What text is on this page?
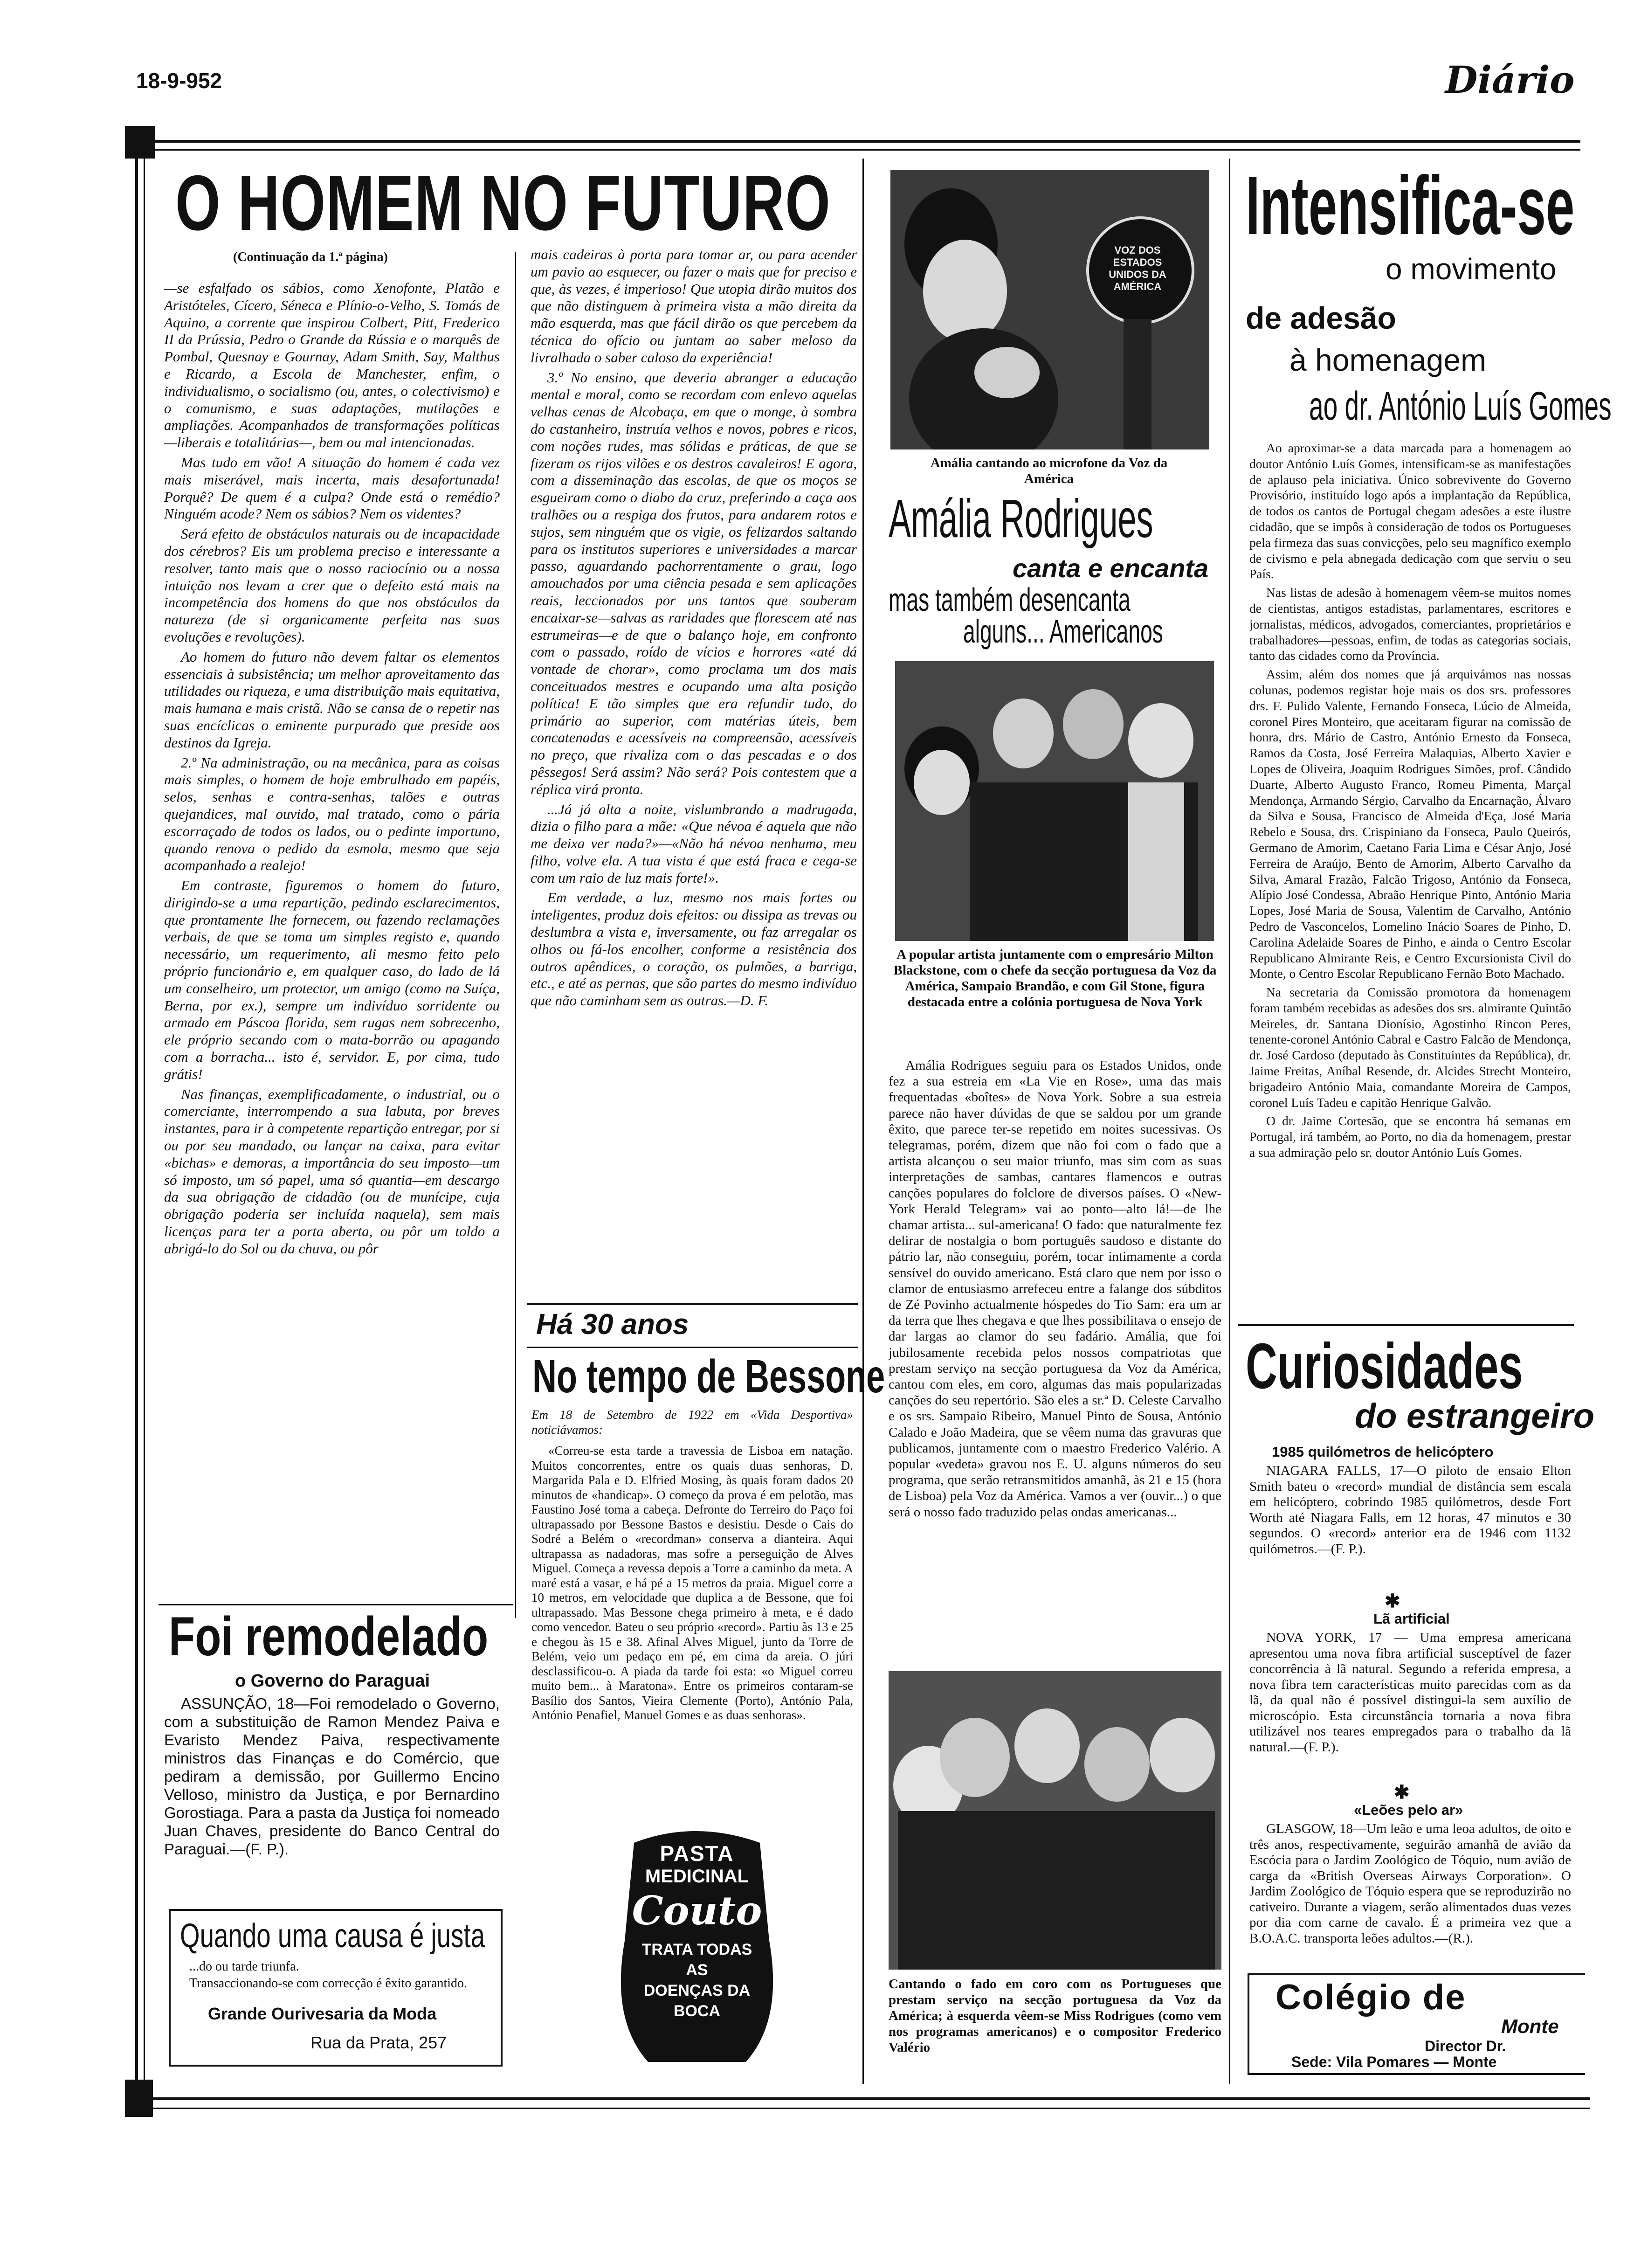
18-9-952	Diário
O HOMEM NO FUTURO
(Continuação da 1.ª página)

—se esfalfado os sábios, como Xenofonte, Platão e Aristóteles, Cícero, Séneca e Plínio-o-Velho, S. Tomás de Aquino, a corrente que inspirou Colbert, Pitt, Frederico II da Prússia, Pedro o Grande da Rússia e o marquês de Pombal, Quesnay e Gournay, Adam Smith, Say, Malthus e Ricardo, a Escola de Manchester, enfim, o individualismo, o socialismo (ou, antes, o colectivismo) e o comunismo, e suas adaptações, mutilações e ampliações. Acompanhados de transformações políticas—liberais e totalitárias—, bem ou mal intencionadas.

Mas tudo em vão! A situação do homem é cada vez mais miserável, mais incerta, mais desafortunada! Porquê? De quem é a culpa? Onde está o remédio? Ninguém acode? Nem os sábios? Nem os videntes?

Será efeito de obstáculos naturais ou de incapacidade dos cérebros? Eis um problema preciso e interessante a resolver, tanto mais que o nosso raciocínio ou a nossa intuição nos levam a crer que o defeito está mais na incompetência dos homens do que nos obstáculos da natureza (de si organicamente perfeita nas suas evoluções e revoluções).

Ao homem do futuro não devem faltar os elementos essenciais à subsistência; um melhor aproveitamento das utilidades ou riqueza, e uma distribuição mais equitativa, mais humana e mais cristã. Não se cansa de o repetir nas suas encíclicas o eminente purpurado que preside aos destinos da Igreja.

2.º Na administração, ou na mecânica, para as coisas mais simples, o homem de hoje embrulhado em papéis, selos, senhas e contra-senhas, talões e outras quejandices, mal ouvido, mal tratado, como o pária escorraçado de todos os lados, ou o pedinte importuno, quando renova o pedido da esmola, mesmo que seja acompanhado a realejo!

Em contraste, figuremos o homem do futuro, dirigindo-se a uma repartição, pedindo esclarecimentos, que prontamente lhe fornecem, ou fazendo reclamações verbais, de que se toma um simples registo e, quando necessário, um requerimento, ali mesmo feito pelo próprio funcionário e, em qualquer caso, do lado de lá um conselheiro, um protector, um amigo (como na Suíça, Berna, por ex.), sempre um indivíduo sorridente ou armado em Páscoa florida, sem rugas nem sobrecenho, ele próprio secando com o mata-borrão ou apagando com a borracha... isto é, servidor. E, por cima, tudo grátis!

Nas finanças, exemplificadamente, o industrial, ou o comerciante, interrompendo a sua labuta, por breves instantes, para ir à competente repartição entregar, por si ou por seu mandado, ou lançar na caixa, para evitar «bichas» e demoras, a importância do seu imposto—um só imposto, um só papel, uma só quantia—em descargo da sua obrigação de cidadão (ou de munícipe, cuja obrigação poderia ser incluída naquela), sem mais licenças para ter a porta aberta, ou pôr um toldo a abrigá-lo do Sol ou da chuva, ou pôr

mais cadeiras à porta para tomar ar, ou para acender um pavio ao esquecer, ou fazer o mais que for preciso e que, às vezes, é imperioso! Que utopia dirão muitos dos que não distinguem à primeira vista a mão direita da mão esquerda, mas que fácil dirão os que percebem da técnica do ofício ou juntam ao saber meloso da livralhada o saber caloso da experiência!

3.º No ensino, que deveria abranger a educação mental e moral, como se recordam com enlevo aquelas velhas cenas de Alcobaça, em que o monge, à sombra do castanheiro, instruía velhos e novos, pobres e ricos, com noções rudes, mas sólidas e práticas, de que se fizeram os rijos vilões e os destros cavaleiros! E agora, com a disseminação das escolas, de que os moços se esgueiram como o diabo da cruz, preferindo a caça aos tralhões ou a respiga dos frutos, para andarem rotos e sujos, sem ninguém que os vigie, os felizardos saltando para os institutos superiores e universidades a marcar passo, aguardando pachorrentamente o grau, logo amouchados por uma ciência pesada e sem aplicações reais, leccionados por uns tantos que souberam encaixar-se—salvas as raridades que florescem até nas estrumeiras—e de que o balanço hoje, em confronto com o passado, roído de vícios e horrores «até dá vontade de chorar», como proclama um dos mais conceituados mestres e ocupando uma alta posição política! E tão simples que era refundir tudo, do primário ao superior, com matérias úteis, bem concatenadas e acessíveis na compreensão, acessíveis no preço, que rivaliza com o das pescadas e o dos pêssegos! Será assim? Não será? Pois contestem que a réplica virá pronta.

...Já já alta a noite, vislumbrando a madrugada, dizia o filho para a mãe: «Que névoa é aquela que não me deixa ver nada?»—«Não há névoa nenhuma, meu filho, volve ela. A tua vista é que está fraca e cega-se com um raio de luz mais forte!».

Em verdade, a luz, mesmo nos mais fortes ou inteligentes, produz dois efeitos: ou dissipa as trevas ou deslumbra a vista e, inversamente, ou faz arregalar os olhos ou fá-los encolher, conforme a resistência dos outros apêndices, o coração, os pulmões, a barriga, etc., e até as pernas, que são partes do mesmo indivíduo que não caminham sem as outras.—D. F.

Foi remodelado
o Governo do Paraguai

ASSUNÇÃO, 18—Foi remodelado o Governo, com a substituição de Ramon Mendez Paiva e Evaristo Mendez Paiva, respectivamente ministros das Finanças e do Comércio, que pediram a demissão, por Guillermo Encino Velloso, ministro da Justiça, e por Bernardino Gorostiaga. Para a pasta da Justiça foi nomeado Juan Chaves, presidente do Banco Central do Paraguai.—(F. P.).

Quando uma causa é justa
...do ou tarde triunfa.
Transaccionando-se com correcção é êxito garantido.
Grande Ourivesaria da Moda
Rua da Prata, 257
Há 30 anos
No tempo de Bessone
Em 18 de Setembro de 1922 em «Vida Desportiva» noticiávamos:

«Correu-se esta tarde a travessia de Lisboa em natação. Muitos concorrentes, entre os quais duas senhoras, D. Margarida Pala e D. Elfried Mosing, às quais foram dados 20 minutos de «handicap». O começo da prova é em pelotão, mas Faustino José toma a cabeça. Defronte do Terreiro do Paço foi ultrapassado por Bessone Bastos e desistiu. Desde o Cais do Sodré a Belém o «recordman» conserva a dianteira. Aqui ultrapassa as nadadoras, mas sofre a perseguição de Alves Miguel. Começa a revessa depois a Torre a caminho da meta. A maré está a vasar, e há pé a 15 metros da praia. Miguel corre a 10 metros, em velocidade que duplica a de Bessone, que foi ultrapassado. Mas Bessone chega primeiro à meta, e é dado como vencedor. Bateu o seu próprio «record». Partiu às 13 e 25 e chegou às 15 e 38. Afinal Alves Miguel, junto da Torre de Belém, veio um pedaço em pé, em cima da areia. O júri desclassificou-o. A piada da tarde foi esta: «o Miguel correu muito bem... à Maratona». Entre os primeiros contaram-se Basílio dos Santos, Vieira Clemente (Porto), António Pala, António Penafiel, Manuel Gomes e as duas senhoras».

PASTA
MEDICINAL
Couto
TRATA TODAS
AS
DOENÇAS DA
BOCA
VOZ DOS ESTADOS UNIDOS DA AMÉRICA
Amália cantando ao microfone da Voz da América
Amália Rodrigues
canta e encanta
mas também desencanta
alguns... Americanos
A popular artista juntamente com o empresário Milton Blackstone, com o chefe da secção portuguesa da Voz da América, Sampaio Brandão, e com Gil Stone, figura destacada entre a colónia portuguesa de Nova York

Amália Rodrigues seguiu para os Estados Unidos, onde fez a sua estreia em «La Vie en Rose», uma das mais frequentadas «boîtes» de Nova York. Sobre a sua estreia parece não haver dúvidas de que se saldou por um grande êxito, que parece ter-se repetido em noites sucessivas. Os telegramas, porém, dizem que não foi com o fado que a artista alcançou o seu maior triunfo, mas sim com as suas interpretações de sambas, cantares flamencos e outras canções populares do folclore de diversos países. O «New-York Herald Telegram» vai ao ponto—alto lá!—de lhe chamar artista... sul-americana! O fado: que naturalmente fez delirar de nostalgia o bom português saudoso e distante do pátrio lar, não conseguiu, porém, tocar intimamente a corda sensível do ouvido americano. Está claro que nem por isso o clamor de entusiasmo arrefeceu entre a falange dos súbditos de Zé Povinho actualmente hóspedes do Tio Sam: era um ar da terra que lhes chegava e que lhes possibilitava o ensejo de dar largas ao clamor do seu fadário. Amália, que foi jubilosamente recebida pelos nossos compatriotas que prestam serviço na secção portuguesa da Voz da América, cantou com eles, em coro, algumas das mais popularizadas canções do seu repertório. São eles a sr.ª D. Celeste Carvalho e os srs. Sampaio Ribeiro, Manuel Pinto de Sousa, António Calado e João Madeira, que se vêem numa das gravuras que publicamos, juntamente com o maestro Frederico Valério. A popular «vedeta» gravou nos E. U. alguns números do seu programa, que serão retransmitidos amanhã, às 21 e 15 (hora de Lisboa) pela Voz da América. Vamos a ver (ouvir...) o que será o nosso fado traduzido pelas ondas americanas...

Cantando o fado em coro com os Portugueses que prestam serviço na secção portuguesa da Voz da América; à esquerda vêem-se Miss Rodrigues (como vem nos programas americanos) e o compositor Frederico Valério
Intensifica-se
o movimento
de adesão
à homenagem
ao dr. António Luís Gomes

Ao aproximar-se a data marcada para a homenagem ao doutor António Luís Gomes, intensificam-se as manifestações de aplauso pela iniciativa. Único sobrevivente do Governo Provisório, instituído logo após a implantação da República, de todos os cantos de Portugal chegam adesões a este ilustre cidadão, que se impôs à consideração de todos os Portugueses pela firmeza das suas convicções, pelo seu magnífico exemplo de civismo e pela abnegada dedicação com que serviu o seu País.

Nas listas de adesão à homenagem vêem-se muitos nomes de cientistas, antigos estadistas, parlamentares, escritores e jornalistas, médicos, advogados, comerciantes, proprietários e trabalhadores—pessoas, enfim, de todas as categorias sociais, tanto das cidades como da Província.

Assim, além dos nomes que já arquivámos nas nossas colunas, podemos registar hoje mais os dos srs. professores drs. F. Pulido Valente, Fernando Fonseca, Lúcio de Almeida, coronel Pires Monteiro, que aceitaram figurar na comissão de honra, drs. Mário de Castro, António Ernesto da Fonseca, Ramos da Costa, José Ferreira Malaquias, Alberto Xavier e Lopes de Oliveira, Joaquim Rodrigues Simões, prof. Cândido Duarte, Alberto Augusto Franco, Romeu Pimenta, Marçal Mendonça, Armando Sérgio, Carvalho da Encarnação, Álvaro da Silva e Sousa, Francisco de Almeida d'Eça, José Maria Rebelo e Sousa, drs. Crispiniano da Fonseca, Paulo Queirós, Germano de Amorim, Caetano Faria Lima e César Anjo, José Ferreira de Araújo, Bento de Amorim, Alberto Carvalho da Silva, Amaral Frazão, Falcão Trigoso, António da Fonseca, Alípio José Condessa, Abraão Henrique Pinto, António Maria Lopes, José Maria de Sousa, Valentim de Carvalho, António Pedro de Vasconcelos, Lomelino Inácio Soares de Pinho, D. Carolina Adelaide Soares de Pinho, e ainda o Centro Escolar Republicano Almirante Reis, e Centro Excursionista Civil do Monte, o Centro Escolar Republicano Fernão Boto Machado.

Na secretaria da Comissão promotora da homenagem foram também recebidas as adesões dos srs. almirante Quintão Meireles, dr. Santana Dionísio, Agostinho Rincon Peres, tenente-coronel António Cabral e Castro Falcão de Mendonça, dr. José Cardoso (deputado às Constituintes da República), dr. Jaime Freitas, Aníbal Resende, dr. Alcides Strecht Monteiro, brigadeiro António Maia, comandante Moreira de Campos, coronel Luís Tadeu e capitão Henrique Galvão.

O dr. Jaime Cortesão, que se encontra há semanas em Portugal, irá também, ao Porto, no dia da homenagem, prestar a sua admiração pelo sr. doutor António Luís Gomes.

Curiosidades
do estrangeiro
1985 quilómetros de helicóptero

NIAGARA FALLS, 17—O piloto de ensaio Elton Smith bateu o «record» mundial de distância sem escala em helicóptero, cobrindo 1985 quilómetros, desde Fort Worth até Niagara Falls, em 12 horas, 47 minutos e 30 segundos. O «record» anterior era de 1946 com 1132 quilómetros.—(F. P.).

✱
Lã artificial

NOVA YORK, 17 — Uma empresa americana apresentou uma nova fibra artificial susceptível de fazer concorrência à lã natural. Segundo a referida empresa, a nova fibra tem características muito parecidas com as da lã, da qual não é possível distingui-la sem auxílio de microscópio. Esta circunstância tornaria a nova fibra utilizável nos teares empregados para o trabalho da lã natural.—(F. P.).

✱
«Leões pelo ar»

GLASGOW, 18—Um leão e uma leoa adultos, de oito e três anos, respectivamente, seguirão amanhã de avião da Escócia para o Jardim Zoológico de Tóquio, num avião de carga da «British Overseas Airways Corporation». O Jardim Zoológico de Tóquio espera que se reproduzirão no cativeiro. Durante a viagem, serão alimentados duas vezes por dia com carne de cavalo. É a primeira vez que a B.O.A.C. transporta leões adultos.—(R.).

Colégio de
Monte
Director Dr.
Sede: Vila Pomares — Monte
